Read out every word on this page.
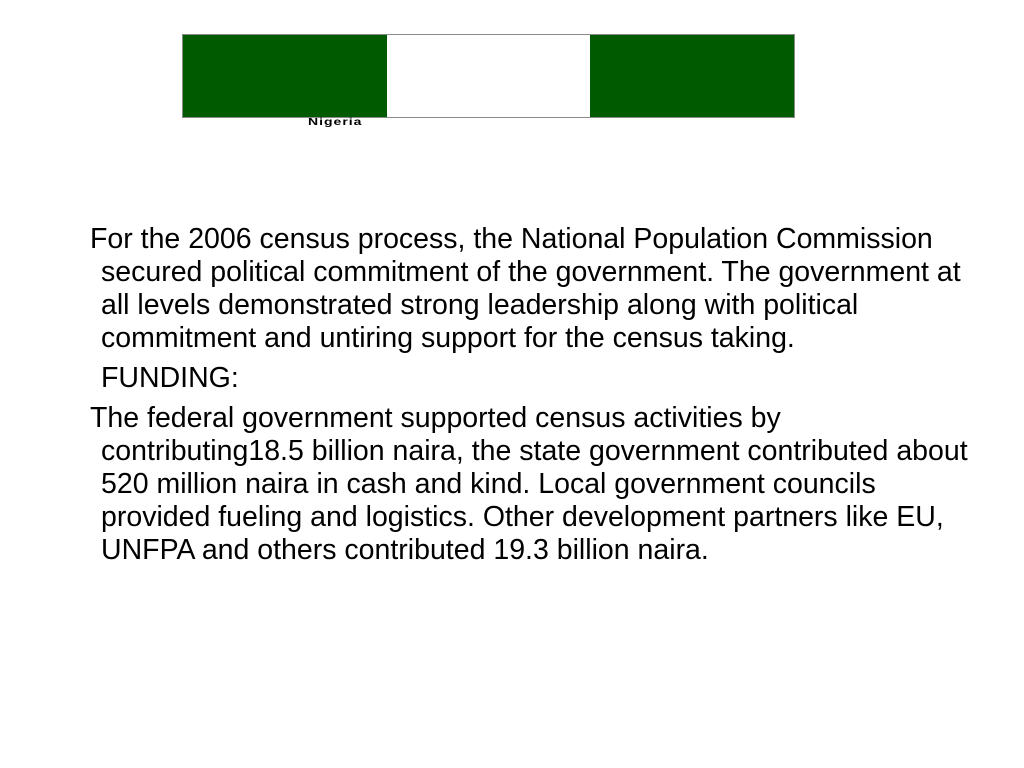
Nigeria

For the 2006 census process, the National Population Commission secured political commitment of the government. The government at all levels demonstrated strong leadership along with political commitment and untiring support for the census taking.

FUNDING:

The federal government supported census activities by contributing18.5 billion naira, the state government contributed about 520 million naira in cash and kind. Local government councils provided fueling and logistics. Other development partners like EU, UNFPA and others contributed 19.3 billion naira.
